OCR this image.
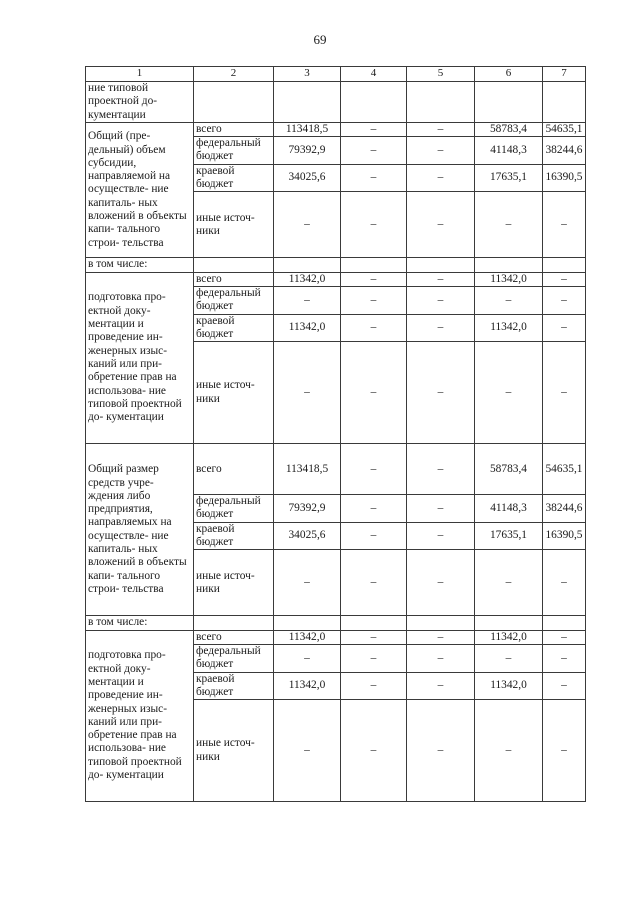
69
1	2	3	4	5	6	7
ние типовой проектной до- кументации						
Общий (пре- дельный) объем субсидии, направляемой на осуществле- ние капиталь- ных вложений в объекты капи- тального строи- тельства	всего	113418,5	–	–	58783,4	54635,1
	федеральный бюджет	79392,9	–	–	41148,3	38244,6
	краевой бюджет	34025,6	–	–	17635,1	16390,5
	иные источ- ники	–	–	–	–	–
в том числе:						
подготовка про- ектной доку- ментации и проведение ин- женерных изыс- каний или при- обретение прав на использова- ние типовой проектной до- кументации	всего	11342,0	–	–	11342,0	–
	федеральный бюджет	–	–	–	–	–
	краевой бюджет	11342,0	–	–	11342,0	–
	иные источ- ники	–	–	–	–	–
Общий размер средств учре- ждения либо предприятия, направляемых на осуществле- ние капиталь- ных вложений в объекты капи- тального строи- тельства	всего	113418,5	–	–	58783,4	54635,1
	федеральный бюджет	79392,9	–	–	41148,3	38244,6
	краевой бюджет	34025,6	–	–	17635,1	16390,5
	иные источ- ники	–	–	–	–	–
в том числе:						
подготовка про- ектной доку- ментации и проведение ин- женерных изыс- каний или при- обретение прав на использова- ние типовой проектной до- кументации	всего	11342,0	–	–	11342,0	–
	федеральный бюджет	–	–	–	–	–
	краевой бюджет	11342,0	–	–	11342,0	–
	иные источ- ники	–	–	–	–	–
